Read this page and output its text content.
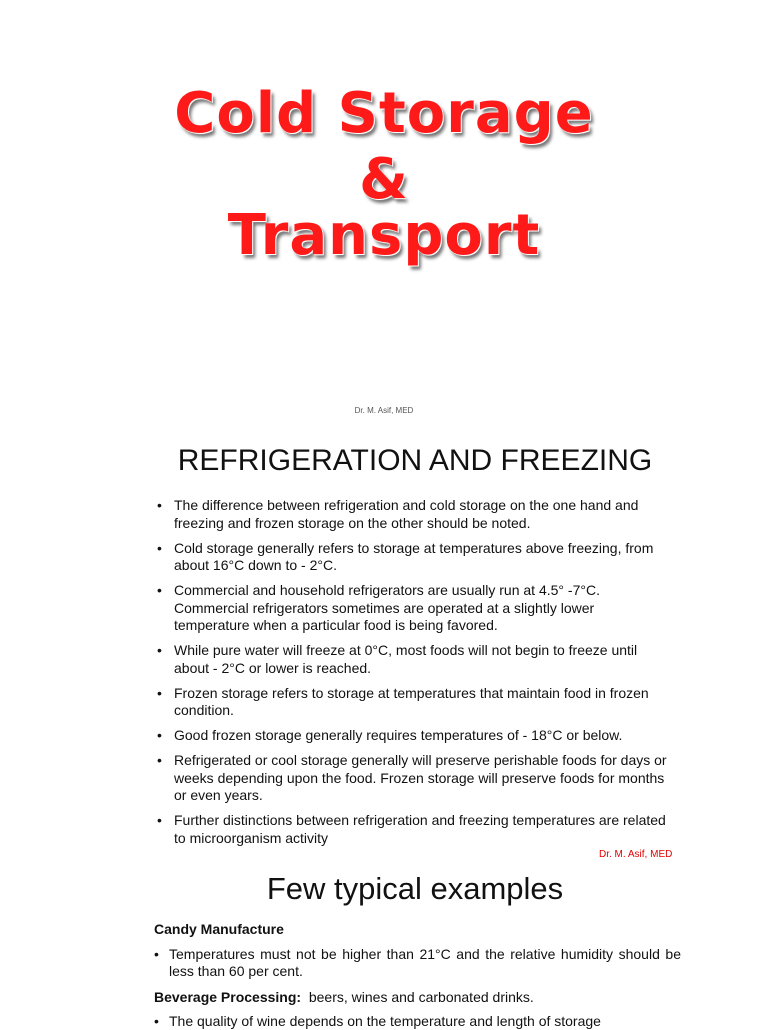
Cold Storage
&
Transport
Dr. M. Asif, MED
REFRIGERATION AND FREEZING
• The difference between refrigeration and cold storage on the one hand and freezing and frozen storage on the other should be noted.
• Cold storage generally refers to storage at temperatures above freezing, from about 16°C down to - 2°C.
• Commercial and household refrigerators are usually run at 4.5° -7°C. Commercial refrigerators sometimes are operated at a slightly lower temperature when a particular food is being favored.
• While pure water will freeze at 0°C, most foods will not begin to freeze until about - 2°C or lower is reached.
• Frozen storage refers to storage at temperatures that maintain food in frozen condition.
• Good frozen storage generally requires temperatures of - 18°C or below.
• Refrigerated or cool storage generally will preserve perishable foods for days or weeks depending upon the food. Frozen storage will preserve foods for months or even years.
• Further distinctions between refrigeration and freezing temperatures are related to microorganism activity
Dr. M. Asif, MED
Few typical examples
Candy Manufacture
• Temperatures must not be higher than 21°C and the relative humidity should be less than 60 per cent.
Beverage Processing: beers, wines and carbonated drinks.
• The quality of wine depends on the temperature and length of storage
